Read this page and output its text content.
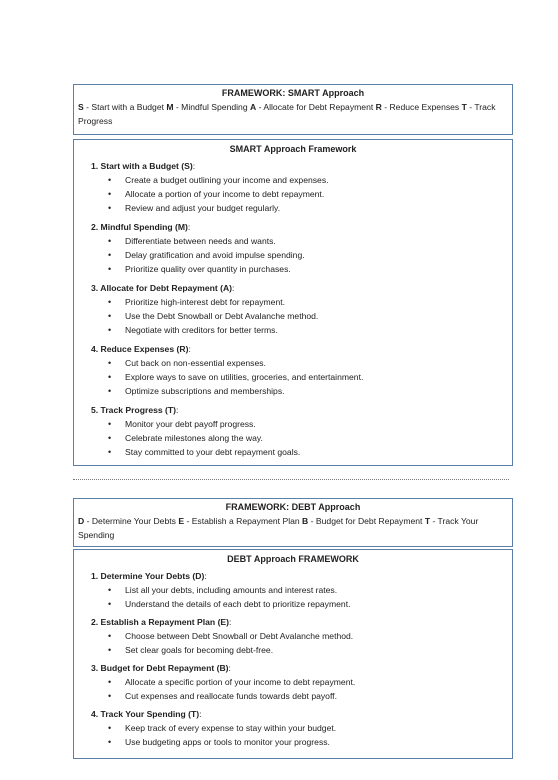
FRAMEWORK: SMART Approach
S - Start with a Budget M - Mindful Spending A - Allocate for Debt Repayment R - Reduce Expenses T - Track Progress
SMART Approach Framework
1. Start with a Budget (S):
• Create a budget outlining your income and expenses.
• Allocate a portion of your income to debt repayment.
• Review and adjust your budget regularly.
2. Mindful Spending (M):
• Differentiate between needs and wants.
• Delay gratification and avoid impulse spending.
• Prioritize quality over quantity in purchases.
3. Allocate for Debt Repayment (A):
• Prioritize high-interest debt for repayment.
• Use the Debt Snowball or Debt Avalanche method.
• Negotiate with creditors for better terms.
4. Reduce Expenses (R):
• Cut back on non-essential expenses.
• Explore ways to save on utilities, groceries, and entertainment.
• Optimize subscriptions and memberships.
5. Track Progress (T):
• Monitor your debt payoff progress.
• Celebrate milestones along the way.
• Stay committed to your debt repayment goals.
FRAMEWORK: DEBT Approach
D - Determine Your Debts E - Establish a Repayment Plan B - Budget for Debt Repayment T - Track Your Spending
DEBT Approach FRAMEWORK
1. Determine Your Debts (D):
• List all your debts, including amounts and interest rates.
• Understand the details of each debt to prioritize repayment.
2. Establish a Repayment Plan (E):
• Choose between Debt Snowball or Debt Avalanche method.
• Set clear goals for becoming debt-free.
3. Budget for Debt Repayment (B):
• Allocate a specific portion of your income to debt repayment.
• Cut expenses and reallocate funds towards debt payoff.
4. Track Your Spending (T):
• Keep track of every expense to stay within your budget.
• Use budgeting apps or tools to monitor your progress.
